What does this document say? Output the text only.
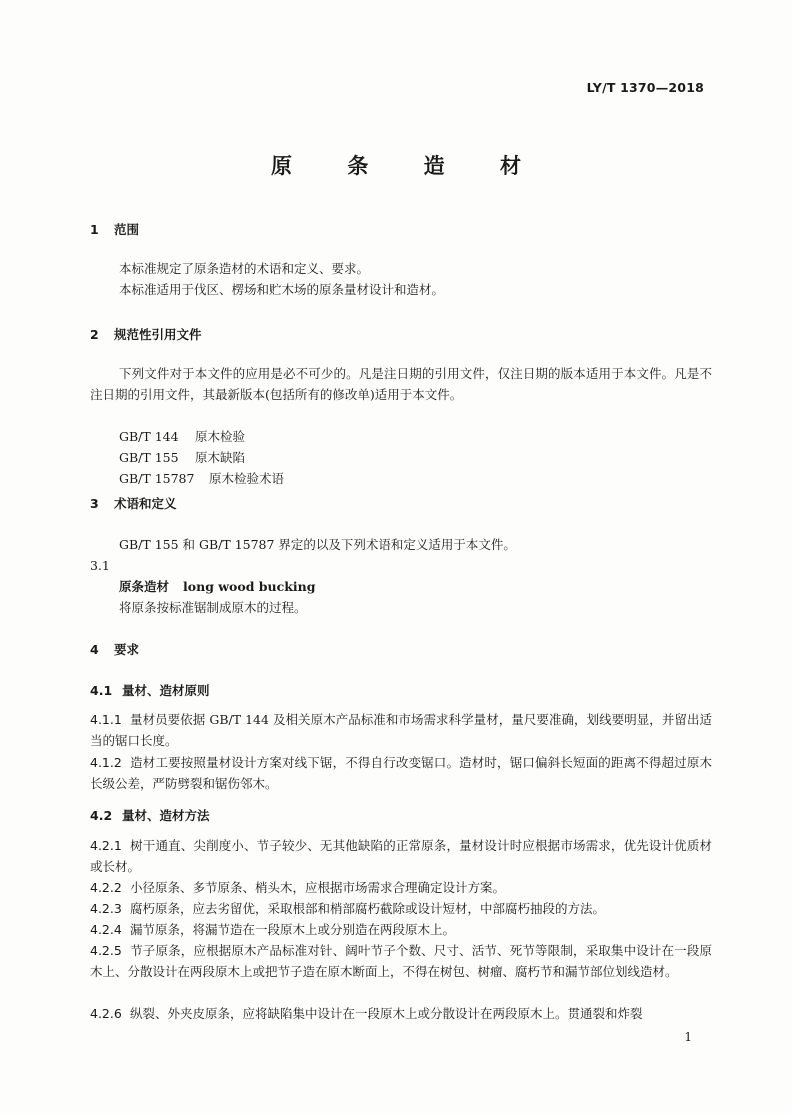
LY/T 1370—2018
原 条 造 材
1 范围
本标准规定了原条造材的术语和定义、要求。
本标准适用于伐区、楞场和贮木场的原条量材设计和造材。
2 规范性引用文件
下列文件对于本文件的应用是必不可少的。凡是注日期的引用文件，仅注日期的版本适用于本文件。凡是不注日期的引用文件，其最新版本(包括所有的修改单)适用于本文件。
GB/T 144 原木检验
GB/T 155 原木缺陷
GB/T 15787 原木检验术语
3 术语和定义
GB/T 155 和 GB/T 15787 界定的以及下列术语和定义适用于本文件。
3.1
原条造材 long wood bucking
将原条按标准锯制成原木的过程。
4 要求
4.1 量材、造材原则
4.1.1 量材员要依据 GB/T 144 及相关原木产品标准和市场需求科学量材，量尺要准确，划线要明显，并留出适当的锯口长度。
4.1.2 造材工要按照量材设计方案对线下锯，不得自行改变锯口。造材时，锯口偏斜长短面的距离不得超过原木长级公差，严防劈裂和锯伤邻木。
4.2 量材、造材方法
4.2.1 树干通直、尖削度小、节子较少、无其他缺陷的正常原条，量材设计时应根据市场需求，优先设计优质材或长材。
4.2.2 小径原条、多节原条、梢头木，应根据市场需求合理确定设计方案。
4.2.3 腐朽原条，应去劣留优，采取根部和梢部腐朽截除或设计短材，中部腐朽抽段的方法。
4.2.4 漏节原条，将漏节造在一段原木上或分别造在两段原木上。
4.2.5 节子原条，应根据原木产品标准对针、阔叶节子个数、尺寸、活节、死节等限制，采取集中设计在一段原木上、分散设计在两段原木上或把节子造在原木断面上，不得在树包、树瘤、腐朽节和漏节部位划线造材。
4.2.6 纵裂、外夹皮原条，应将缺陷集中设计在一段原木上或分散设计在两段原木上。贯通裂和炸裂
1
